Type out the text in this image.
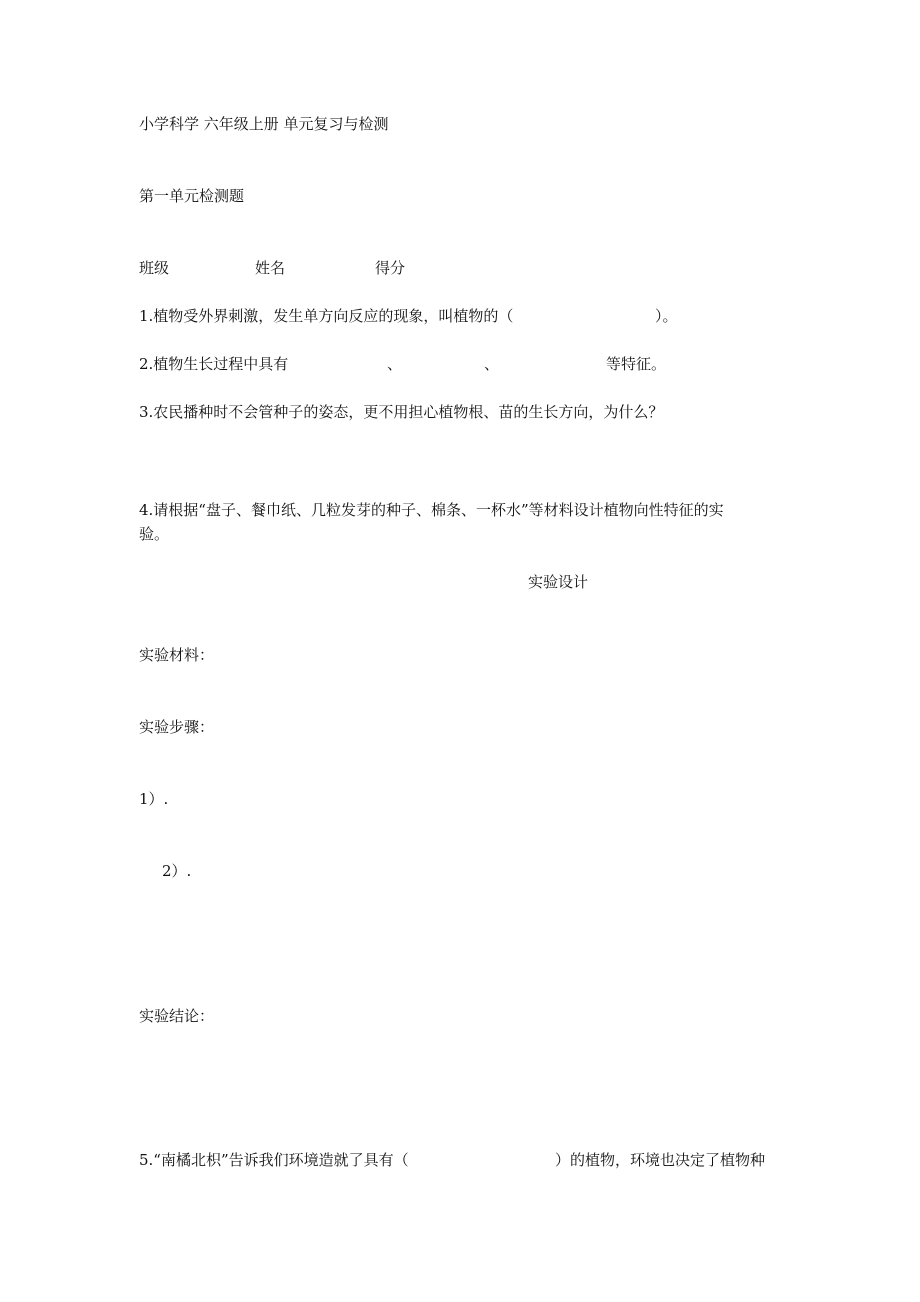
小学科学 六年级上册 单元复习与检测
第一单元检测题
班级	姓名	得分
1.植物受外界刺激，发生单方向反应的现象，叫植物的（	）。
2.植物生长过程中具有	、	、	等特征。
3.农民播种时不会管种子的姿态，更不用担心植物根、苗的生长方向，为什么？
4.请根据“盘子、餐巾纸、几粒发芽的种子、棉条、一杯水”等材料设计植物向性特征的实
验。
实验设计
实验材料：
实验步骤：
1）.
2）.
实验结论：
5.“南橘北枳”告诉我们环境造就了具有（	）的植物，环境也决定了植物种
